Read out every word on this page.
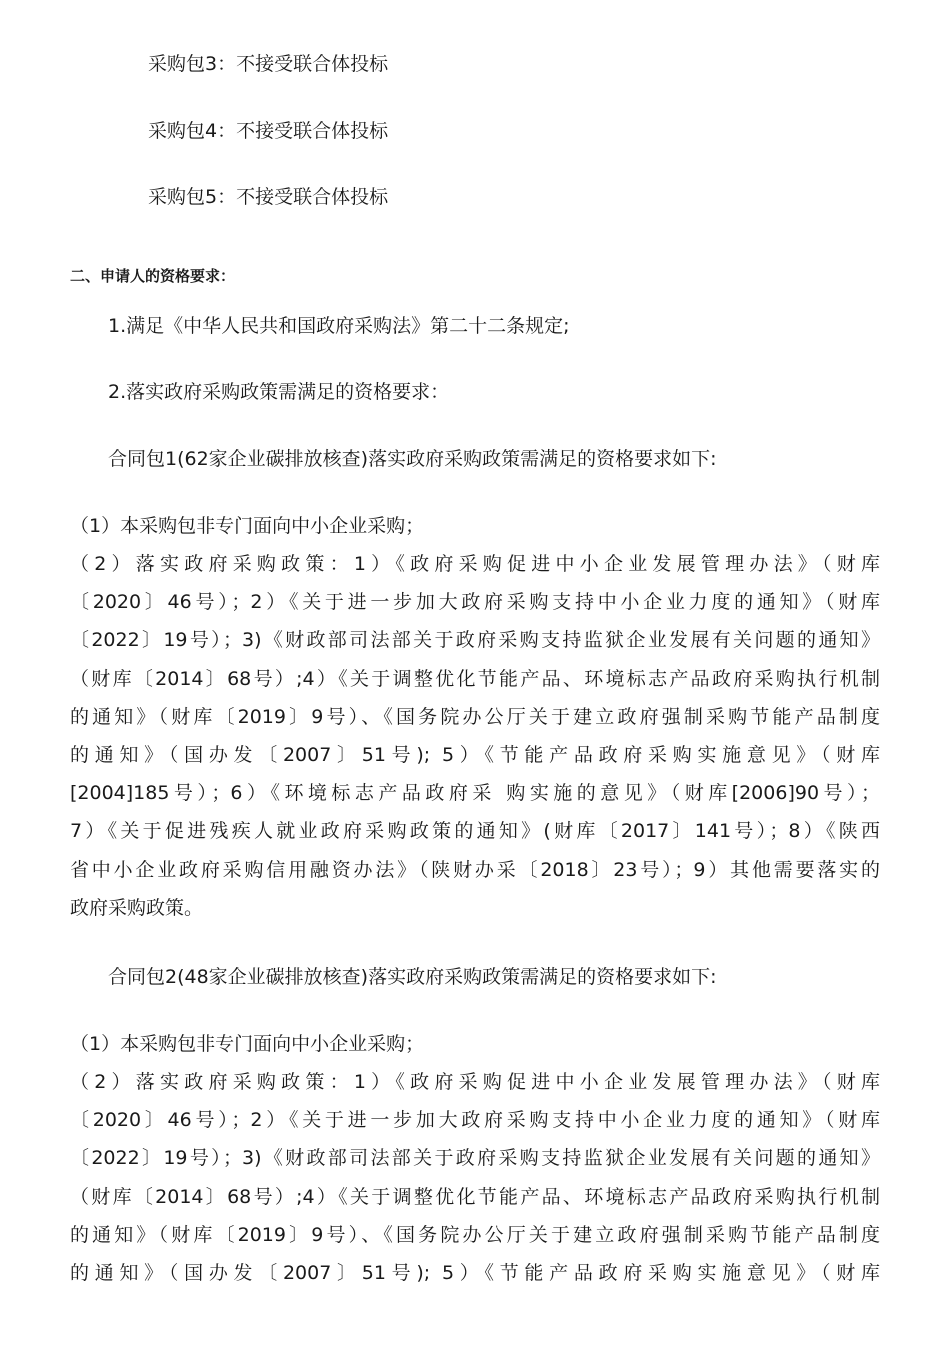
采购包3：不接受联合体投标
采购包4：不接受联合体投标
采购包5：不接受联合体投标
二、申请人的资格要求：
1.满足《中华人民共和国政府采购法》第二十二条规定;
2.落实政府采购政策需满足的资格要求：
合同包1(62家企业碳排放核查)落实政府采购政策需满足的资格要求如下:
（1）本采购包非专门面向中小企业采购；
（2）落实政府采购政策：1）《政府采购促进中小企业发展管理办法》（财库
〔2020〕46号）；2）《关于进一步加大政府采购支持中小企业力度的通知》（财库
〔2022〕19号）；3)《财政部司法部关于政府采购支持监狱企业发展有关问题的通知》
（财库〔2014〕68号）;4）《关于调整优化节能产品、环境标志产品政府采购执行机制
的通知》（财库〔2019〕9号）、《国务院办公厅关于建立政府强制采购节能产品制度
的通知》（国办发〔2007〕51号); 5）《节能产品政府采购实施意见》（财库
[2004]185号）；6）《环境标志产品政府采 购实施的意见》（财库[2006]90号）；
7）《关于促进残疾人就业政府采购政策的通知》(财库〔2017〕141号）；8）《陕西
省中小企业政府采购信用融资办法》（陕财办采〔2018〕23号）；9）其他需要落实的
政府采购政策。
合同包2(48家企业碳排放核查)落实政府采购政策需满足的资格要求如下:
（1）本采购包非专门面向中小企业采购；
（2）落实政府采购政策：1）《政府采购促进中小企业发展管理办法》（财库
〔2020〕46号）；2）《关于进一步加大政府采购支持中小企业力度的通知》（财库
〔2022〕19号）；3)《财政部司法部关于政府采购支持监狱企业发展有关问题的通知》
（财库〔2014〕68号）;4）《关于调整优化节能产品、环境标志产品政府采购执行机制
的通知》（财库〔2019〕9号）、《国务院办公厅关于建立政府强制采购节能产品制度
的通知》（国办发〔2007〕51号); 5）《节能产品政府采购实施意见》（财库
